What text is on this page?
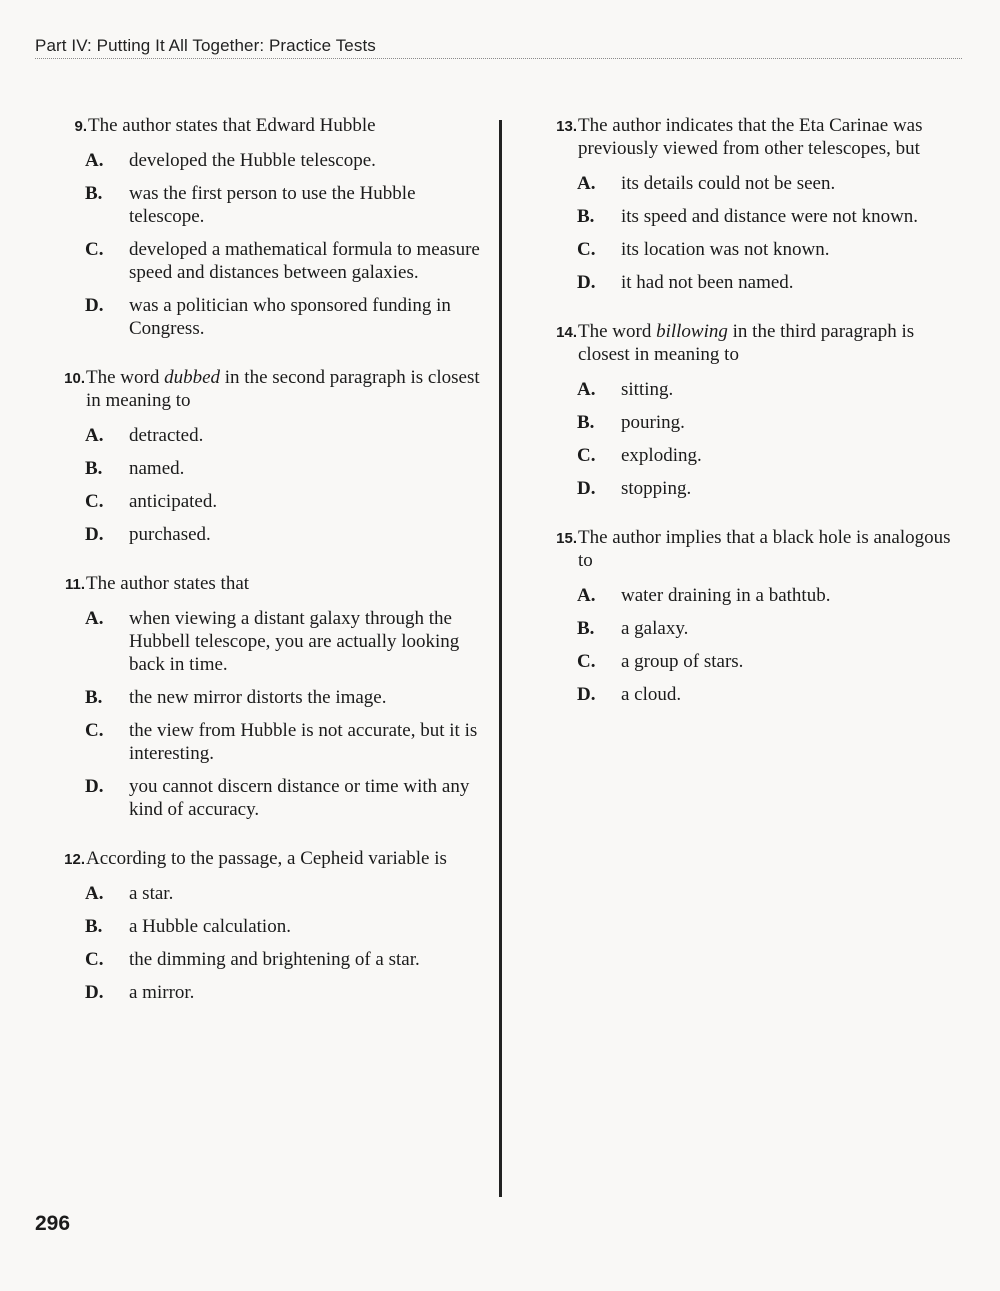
Part IV: Putting It All Together: Practice Tests
9. The author states that Edward Hubble
A.	developed the Hubble telescope.
B.	was the first person to use the Hubble telescope.
C.	developed a mathematical formula to measure speed and distances between galaxies.
D.	was a politician who sponsored funding in Congress.
10. The word dubbed in the second paragraph is closest in meaning to
A.	detracted.
B.	named.
C.	anticipated.
D.	purchased.
11. The author states that
A.	when viewing a distant galaxy through the Hubbell telescope, you are actually looking back in time.
B.	the new mirror distorts the image.
C.	the view from Hubble is not accurate, but it is interesting.
D.	you cannot discern distance or time with any kind of accuracy.
12. According to the passage, a Cepheid variable is
A.	a star.
B.	a Hubble calculation.
C.	the dimming and brightening of a star.
D.	a mirror.
13. The author indicates that the Eta Carinae was previously viewed from other telescopes, but
A.	its details could not be seen.
B.	its speed and distance were not known.
C.	its location was not known.
D.	it had not been named.
14. The word billowing in the third paragraph is closest in meaning to
A.	sitting.
B.	pouring.
C.	exploding.
D.	stopping.
15. The author implies that a black hole is analogous to
A.	water draining in a bathtub.
B.	a galaxy.
C.	a group of stars.
D.	a cloud.
296
